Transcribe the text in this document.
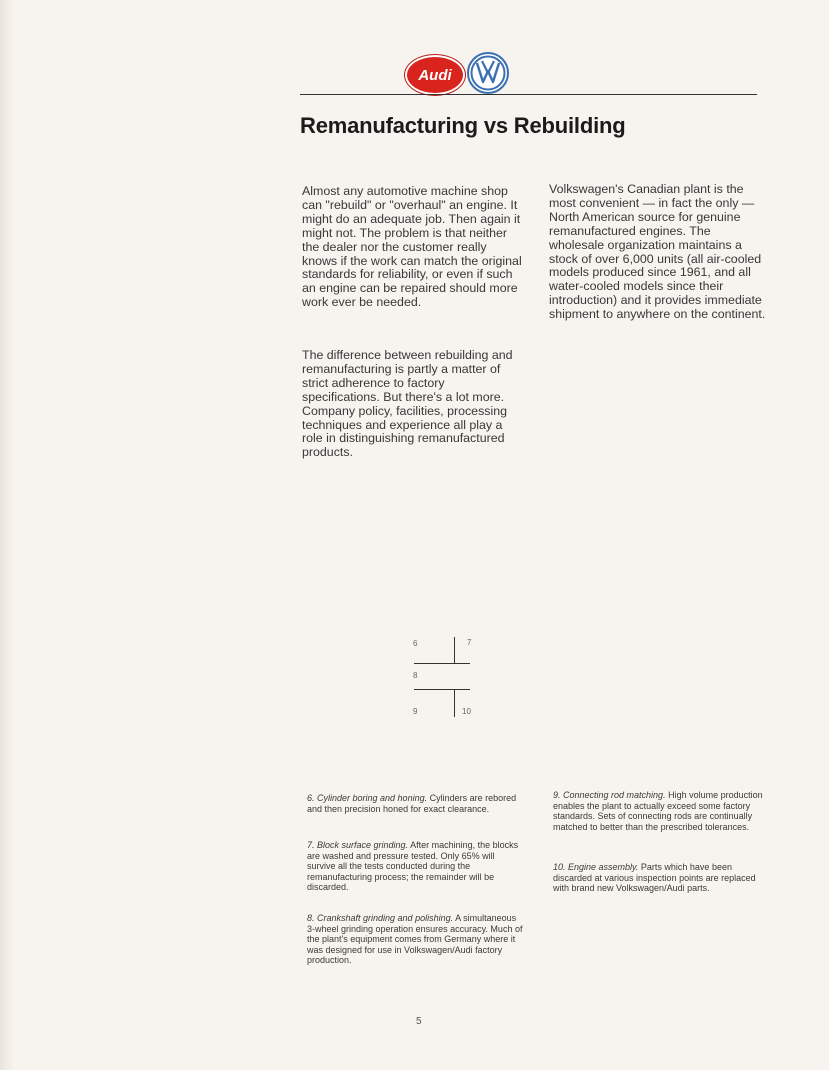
Audi
Remanufacturing vs Rebuilding

Almost any automotive machine shop can "rebuild" or "overhaul" an engine. It might do an adequate job. Then again it might not. The problem is that neither the dealer nor the customer really knows if the work can match the original standards for reliability, or even if such an engine can be repaired should more work ever be needed.

The difference between rebuilding and remanufacturing is partly a matter of strict adherence to factory specifications. But there's a lot more. Company policy, facilities, processing techniques and experience all play a role in distinguishing remanufactured products.

Volkswagen's Canadian plant is the most convenient — in fact the only — North American source for genuine remanufactured engines. The wholesale organization maintains a stock of over 6,000 units (all air-cooled models produced since 1961, and all water-cooled models since their introduction) and it provides immediate shipment to anywhere on the continent.

6	7
8
9	10

6. Cylinder boring and honing. Cylinders are rebored and then precision honed for exact clearance.

7. Block surface grinding. After machining, the blocks are washed and pressure tested. Only 65% will survive all the tests conducted during the remanufacturing process; the remainder will be discarded.

8. Crankshaft grinding and polishing. A simultaneous 3-wheel grinding operation ensures accuracy. Much of the plant's equipment comes from Germany where it was designed for use in Volkswagen/Audi factory production.

9. Connecting rod matching. High volume production enables the plant to actually exceed some factory standards. Sets of connecting rods are continually matched to better than the prescribed tolerances.

10. Engine assembly. Parts which have been discarded at various inspection points are replaced with brand new Volkswagen/Audi parts.

5
